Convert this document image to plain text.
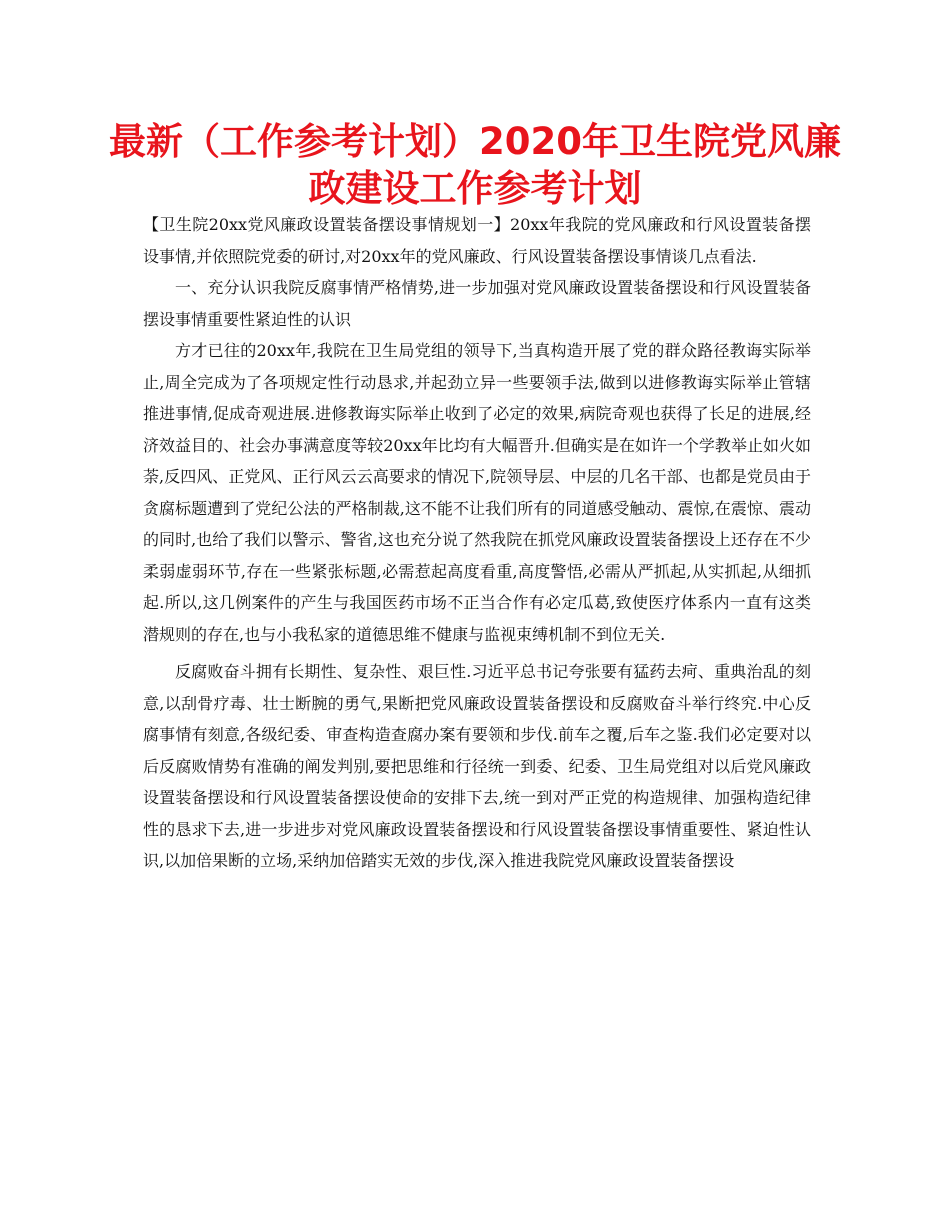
最新（工作参考计划）2020年卫生院党风廉政建设工作参考计划

【卫生院20xx党风廉政设置装备摆设事情规划一】20xx年我院的党风廉政和行风设置装备摆设事情,并依照院党委的研讨,对20xx年的党风廉政、行风设置装备摆设事情谈几点看法.

一、充分认识我院反腐事情严格情势,进一步加强对党风廉政设置装备摆设和行风设置装备摆设事情重要性紧迫性的认识

方才已往的20xx年,我院在卫生局党组的领导下,当真构造开展了党的群众路径教诲实际举止,周全完成为了各项规定性行动恳求,并起劲立异一些要领手法,做到以进修教诲实际举止管辖推进事情,促成奇观进展.进修教诲实际举止收到了必定的效果,病院奇观也获得了长足的进展,经济效益目的、社会办事满意度等较20xx年比均有大幅晋升.但确实是在如许一个学教举止如火如荼,反四风、正党风、正行风云云高要求的情况下,院领导层、中层的几名干部、也都是党员由于贪腐标题遭到了党纪公法的严格制裁,这不能不让我们所有的同道感受触动、震惊,在震惊、震动的同时,也给了我们以警示、警省,这也充分说了然我院在抓党风廉政设置装备摆设上还存在不少柔弱虚弱环节,存在一些紧张标题,必需惹起高度看重,高度警悟,必需从严抓起,从实抓起,从细抓起.所以,这几例案件的产生与我国医药市场不正当合作有必定瓜葛,致使医疗体系内一直有这类潜规则的存在,也与小我私家的道德思维不健康与监视束缚机制不到位无关.

反腐败奋斗拥有长期性、复杂性、艰巨性.习近平总书记夸张要有猛药去疴、重典治乱的刻意,以刮骨疗毒、壮士断腕的勇气,果断把党风廉政设置装备摆设和反腐败奋斗举行终究.中心反腐事情有刻意,各级纪委、审查构造查腐办案有要领和步伐.前车之覆,后车之鉴.我们必定要对以后反腐败情势有准确的阐发判别,要把思维和行径统一到委、纪委、卫生局党组对以后党风廉政设置装备摆设和行风设置装备摆设使命的安排下去,统一到对严正党的构造规律、加强构造纪律性的恳求下去,进一步进步对党风廉政设置装备摆设和行风设置装备摆设事情重要性、紧迫性认识,以加倍果断的立场,采纳加倍踏实无效的步伐,深入推进我院党风廉政设置装备摆设
